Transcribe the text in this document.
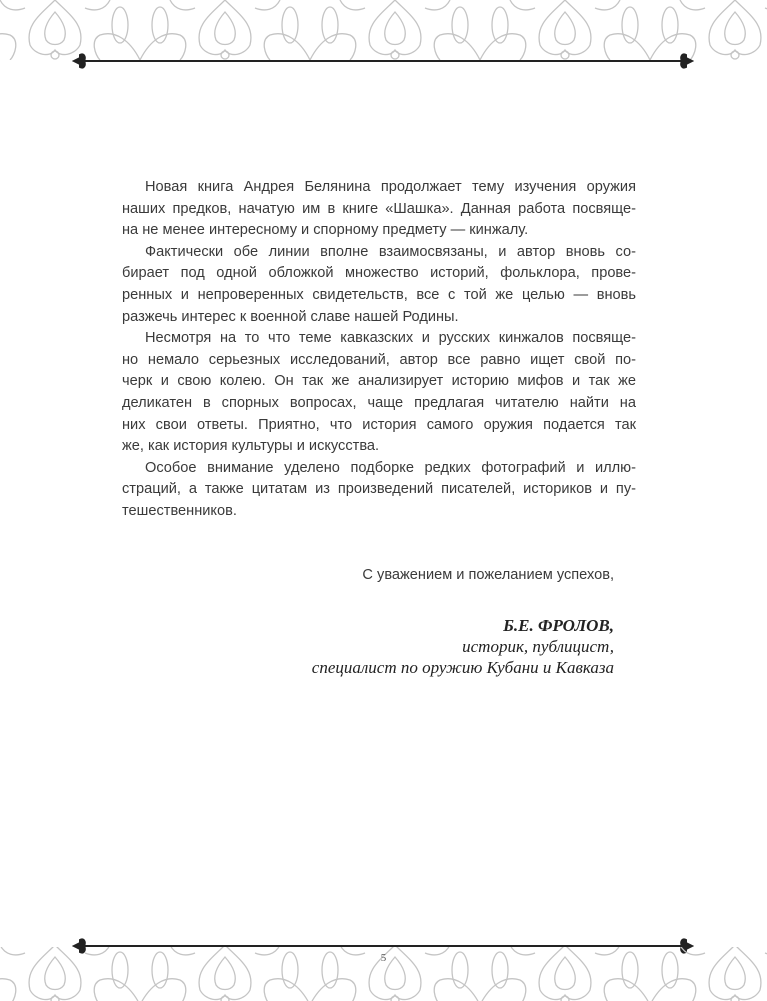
Новая книга Андрея Белянина продолжает тему изучения оружия
наших предков, начатую им в книге «Шашка». Данная работа посвяще-
на не менее интересному и спорному предмету — кинжалу.
Фактически обе линии вполне взаимосвязаны, и автор вновь со-
бирает под одной обложкой множество историй, фольклора, прове-
ренных и непроверенных свидетельств, все с той же целью — вновь
разжечь интерес к военной славе нашей Родины.
Несмотря на то что теме кавказских и русских кинжалов посвяще-
но немало серьезных исследований, автор все равно ищет свой по-
черк и свою колею. Он так же анализирует историю мифов и так же
деликатен в спорных вопросах, чаще предлагая читателю найти на
них свои ответы. Приятно, что история самого оружия подается так
же, как история культуры и искусства.
Особое внимание уделено подборке редких фотографий и иллю-
страций, а также цитатам из произведений писателей, историков и пу-
тешественников.
С уважением и пожеланием успехов,
Б.Е. ФРОЛОВ,
историк, публицист,
специалист по оружию Кубани и Кавказа
5
